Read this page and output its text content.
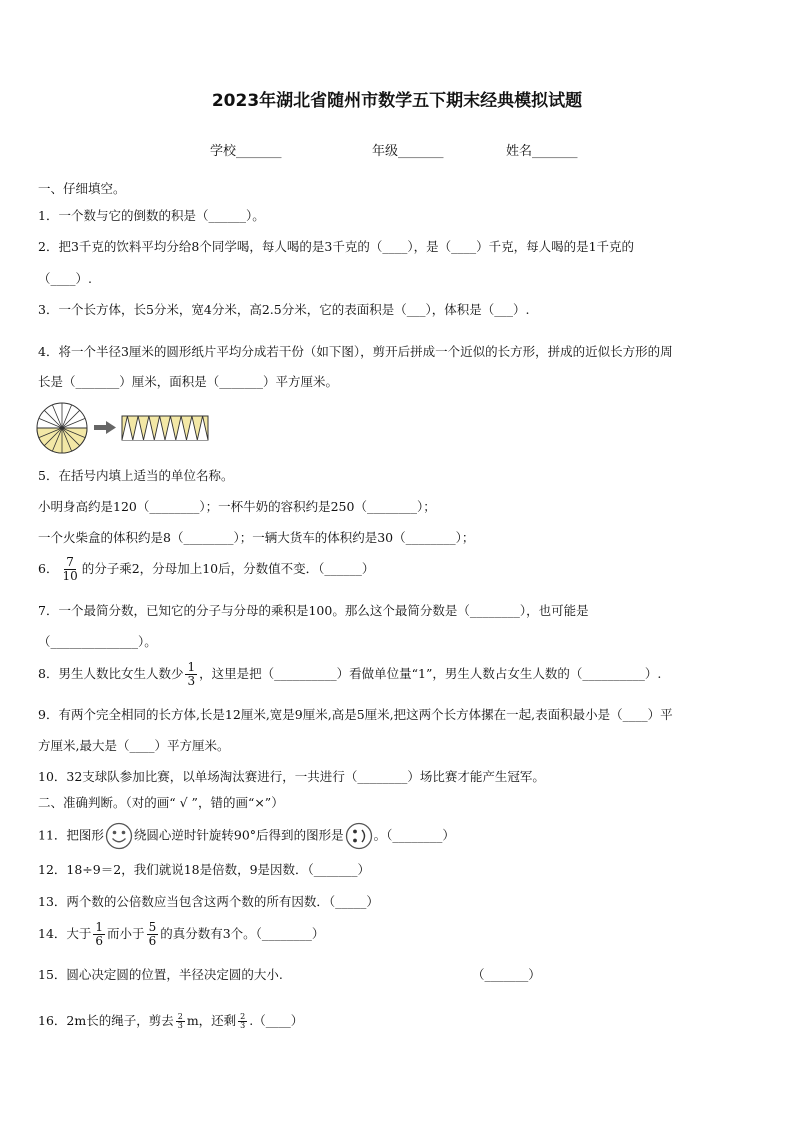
2023年湖北省随州市数学五下期末经典模拟试题
学校_______	年级_______	姓名_______
一、仔细填空。
1．一个数与它的倒数的积是（______）。
2．把3千克的饮料平均分给8个同学喝，每人喝的是3千克的（____），是（____）千克，每人喝的是1千克的
（____）.
3．一个长方体，长5分米，宽4分米，高2.5分米，它的表面积是（___），体积是（___）.
4．将一个半径3厘米的圆形纸片平均分成若干份（如下图），剪开后拼成一个近似的长方形，拼成的近似长方形的周
长是（_______）厘米，面积是（_______）平方厘米。
5．在括号内填上适当的单位名称。
小明身高约是120（________）；一杯牛奶的容积约是250（________）；
一个火柴盒的体积约是8（________）；一辆大货车的体积约是30（________）；
6． $\frac{7}{10}$ 的分子乘2，分母加上10后，分数值不变．（______）
7．一个最简分数，已知它的分子与分母的乘积是100。那么这个最简分数是（________），也可能是
（______________）。
8．男生人数比女生人数少 $\frac{1}{3}$ ，这里是把（__________）看做单位量“1”，男生人数占女生人数的（__________）.
9．有两个完全相同的长方体,长是12厘米,宽是9厘米,高是5厘米,把这两个长方体摞在一起,表面积最小是（____）平
方厘米,最大是（____）平方厘米。
10．32支球队参加比赛，以单场淘汰赛进行，一共进行（________）场比赛才能产生冠军。
二、准确判断。（对的画“ √ ”，错的画“×”）
11．把图形 绕圆心逆时针旋转90°后得到的图形是 。（________）
12．18÷9＝2，我们就说18是倍数，9是因数．（_______）
13．两个数的公倍数应当包含这两个数的所有因数．（_____）
14．大于 $\frac{1}{6}$ 而小于 $\frac{5}{6}$ 的真分数有3个。（________）
15．圆心决定圆的位置，半径决定圆的大小.	（_______）
16．2m长的绳子，剪去 $\frac{2}{3}$ m，还剩 $\frac{2}{3}$ .（____）
